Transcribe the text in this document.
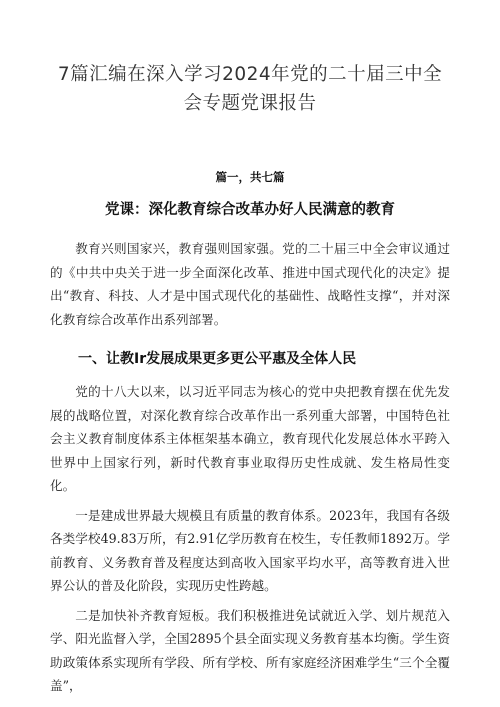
7篇汇编在深入学习2024年党的二十届三中全会专题党课报告
篇一，共七篇
党课：深化教育综合改革办好人民满意的教育

教育兴则国家兴，教育强则国家强。党的二十届三中全会审议通过的《中共中央关于进一步全面深化改革、推进中国式现代化的决定》提出“教育、科技、人才是中国式现代化的基础性、战略性支撑“，并对深化教育综合改革作出系列部署。

一、让教Ir发展成果更多更公平惠及全体人民

党的十八大以来，以习近平同志为核心的党中央把教育摆在优先发展的战略位置，对深化教育综合改革作出一系列重大部署，中国特色社会主义教育制度体系主体框架基本确立，教育现代化发展总体水平跨入世界中上国家行列，新时代教育事业取得历史性成就、发生格局性变化。

一是建成世界最大规模且有质量的教育体系。2023年，我国有各级各类学校49.83万所，有2.91亿学历教育在校生，专任教师1892万。学前教育、义务教育普及程度达到高收入国家平均水平，高等教育进入世界公认的普及化阶段，实现历史性跨越。

二是加快补齐教育短板。我们积极推进免试就近入学、划片规范入学、阳光监督入学，全国2895个县全面实现义务教育基本均衡。学生资助政策体系实现所有学段、所有学校、所有家庭经济困难学生“三个全覆盖”，
